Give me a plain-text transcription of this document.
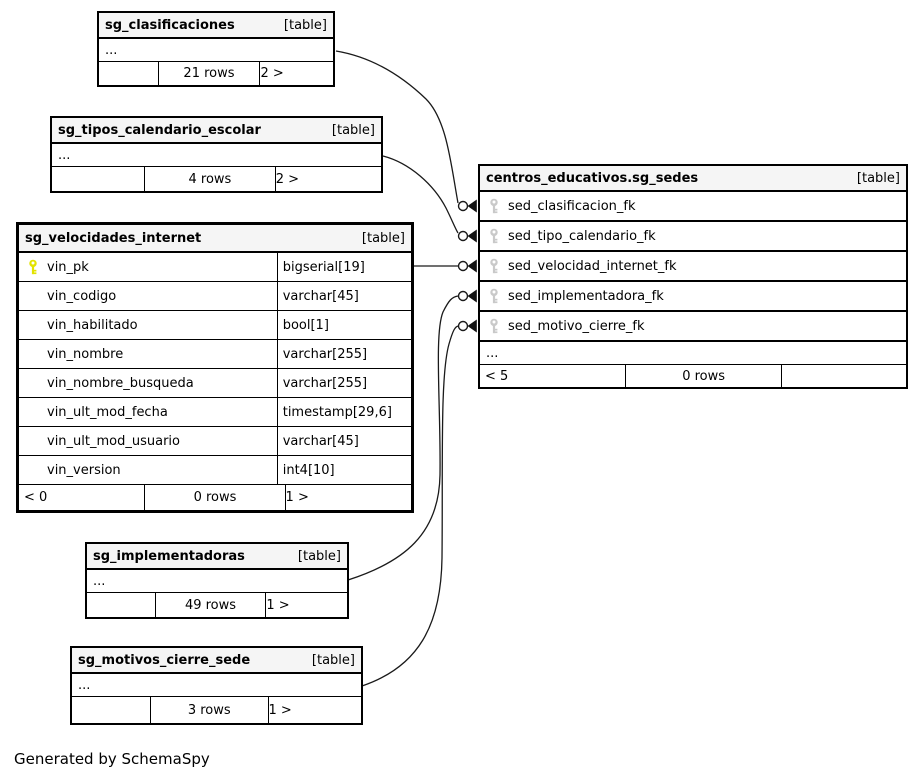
sg_clasificaciones	[table]
...
21 rows	2 >
sg_tipos_calendario_escolar	[table]
...
4 rows	2 >
sg_velocidades_internet	[table]
vin_pk	bigserial[19]
vin_codigo	varchar[45]
vin_habilitado	bool[1]
vin_nombre	varchar[255]
vin_nombre_busqueda	varchar[255]
vin_ult_mod_fecha	timestamp[29,6]
vin_ult_mod_usuario	varchar[45]
vin_version	int4[10]
< 0	0 rows	1 >
centros_educativos.sg_sedes	[table]
sed_clasificacion_fk
sed_tipo_calendario_fk
sed_velocidad_internet_fk
sed_implementadora_fk
sed_motivo_cierre_fk
...
< 5	0 rows
sg_implementadoras	[table]
...
49 rows	1 >
sg_motivos_cierre_sede	[table]
...
3 rows	1 >
Generated by SchemaSpy
